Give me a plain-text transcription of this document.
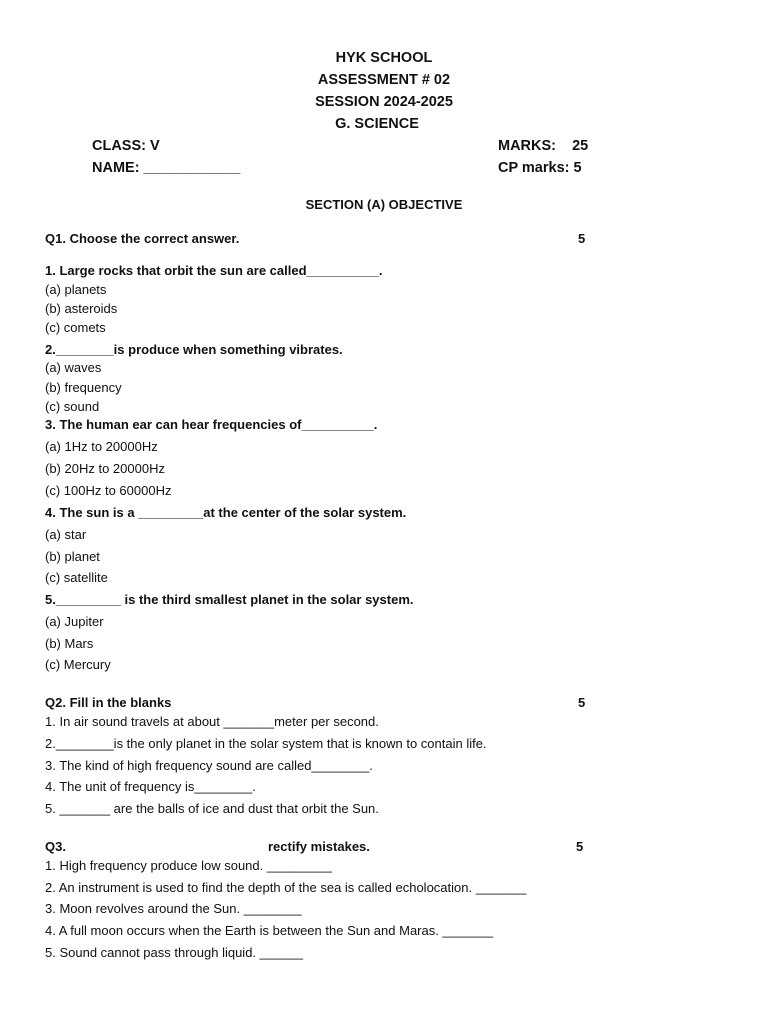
HYK SCHOOL
ASSESSMENT # 02
SESSION 2024-2025
G. SCIENCE
CLASS: V
NAME: ____________
MARKS:    25
CP marks: 5
SECTION (A) OBJECTIVE
Q1. Choose the correct answer.	5
1. Large rocks that orbit the sun are called__________.
(a) planets
(b) asteroids
(c) comets
2.________is produce when something vibrates.
(a) waves
(b) frequency
(c) sound
3. The human ear can hear frequencies of__________.
(a) 1Hz to 20000Hz
(b) 20Hz to 20000Hz
(c) 100Hz to 60000Hz
4. The sun is a _________at the center of the solar system.
(a) star
(b) planet
(c) satellite
5._________ is the third smallest planet in the solar system.
(a) Jupiter
(b) Mars
(c) Mercury
Q2. Fill in the blanks	5
1. In air sound travels at about _______meter per second.
2.________is the only planet in the solar system that is known to contain life.
3. The kind of high frequency sound are called________.
4. The unit of frequency is________.
5. _______ are the balls of ice and dust that orbit the Sun.
Q3.	rectify mistakes.	5
1. High frequency produce low sound. _________
2. An instrument is used to find the depth of the sea is called echolocation. _______
3. Moon revolves around the Sun. ________
4. A full moon occurs when the Earth is between the Sun and Maras. _______
5. Sound cannot pass through liquid. ______
